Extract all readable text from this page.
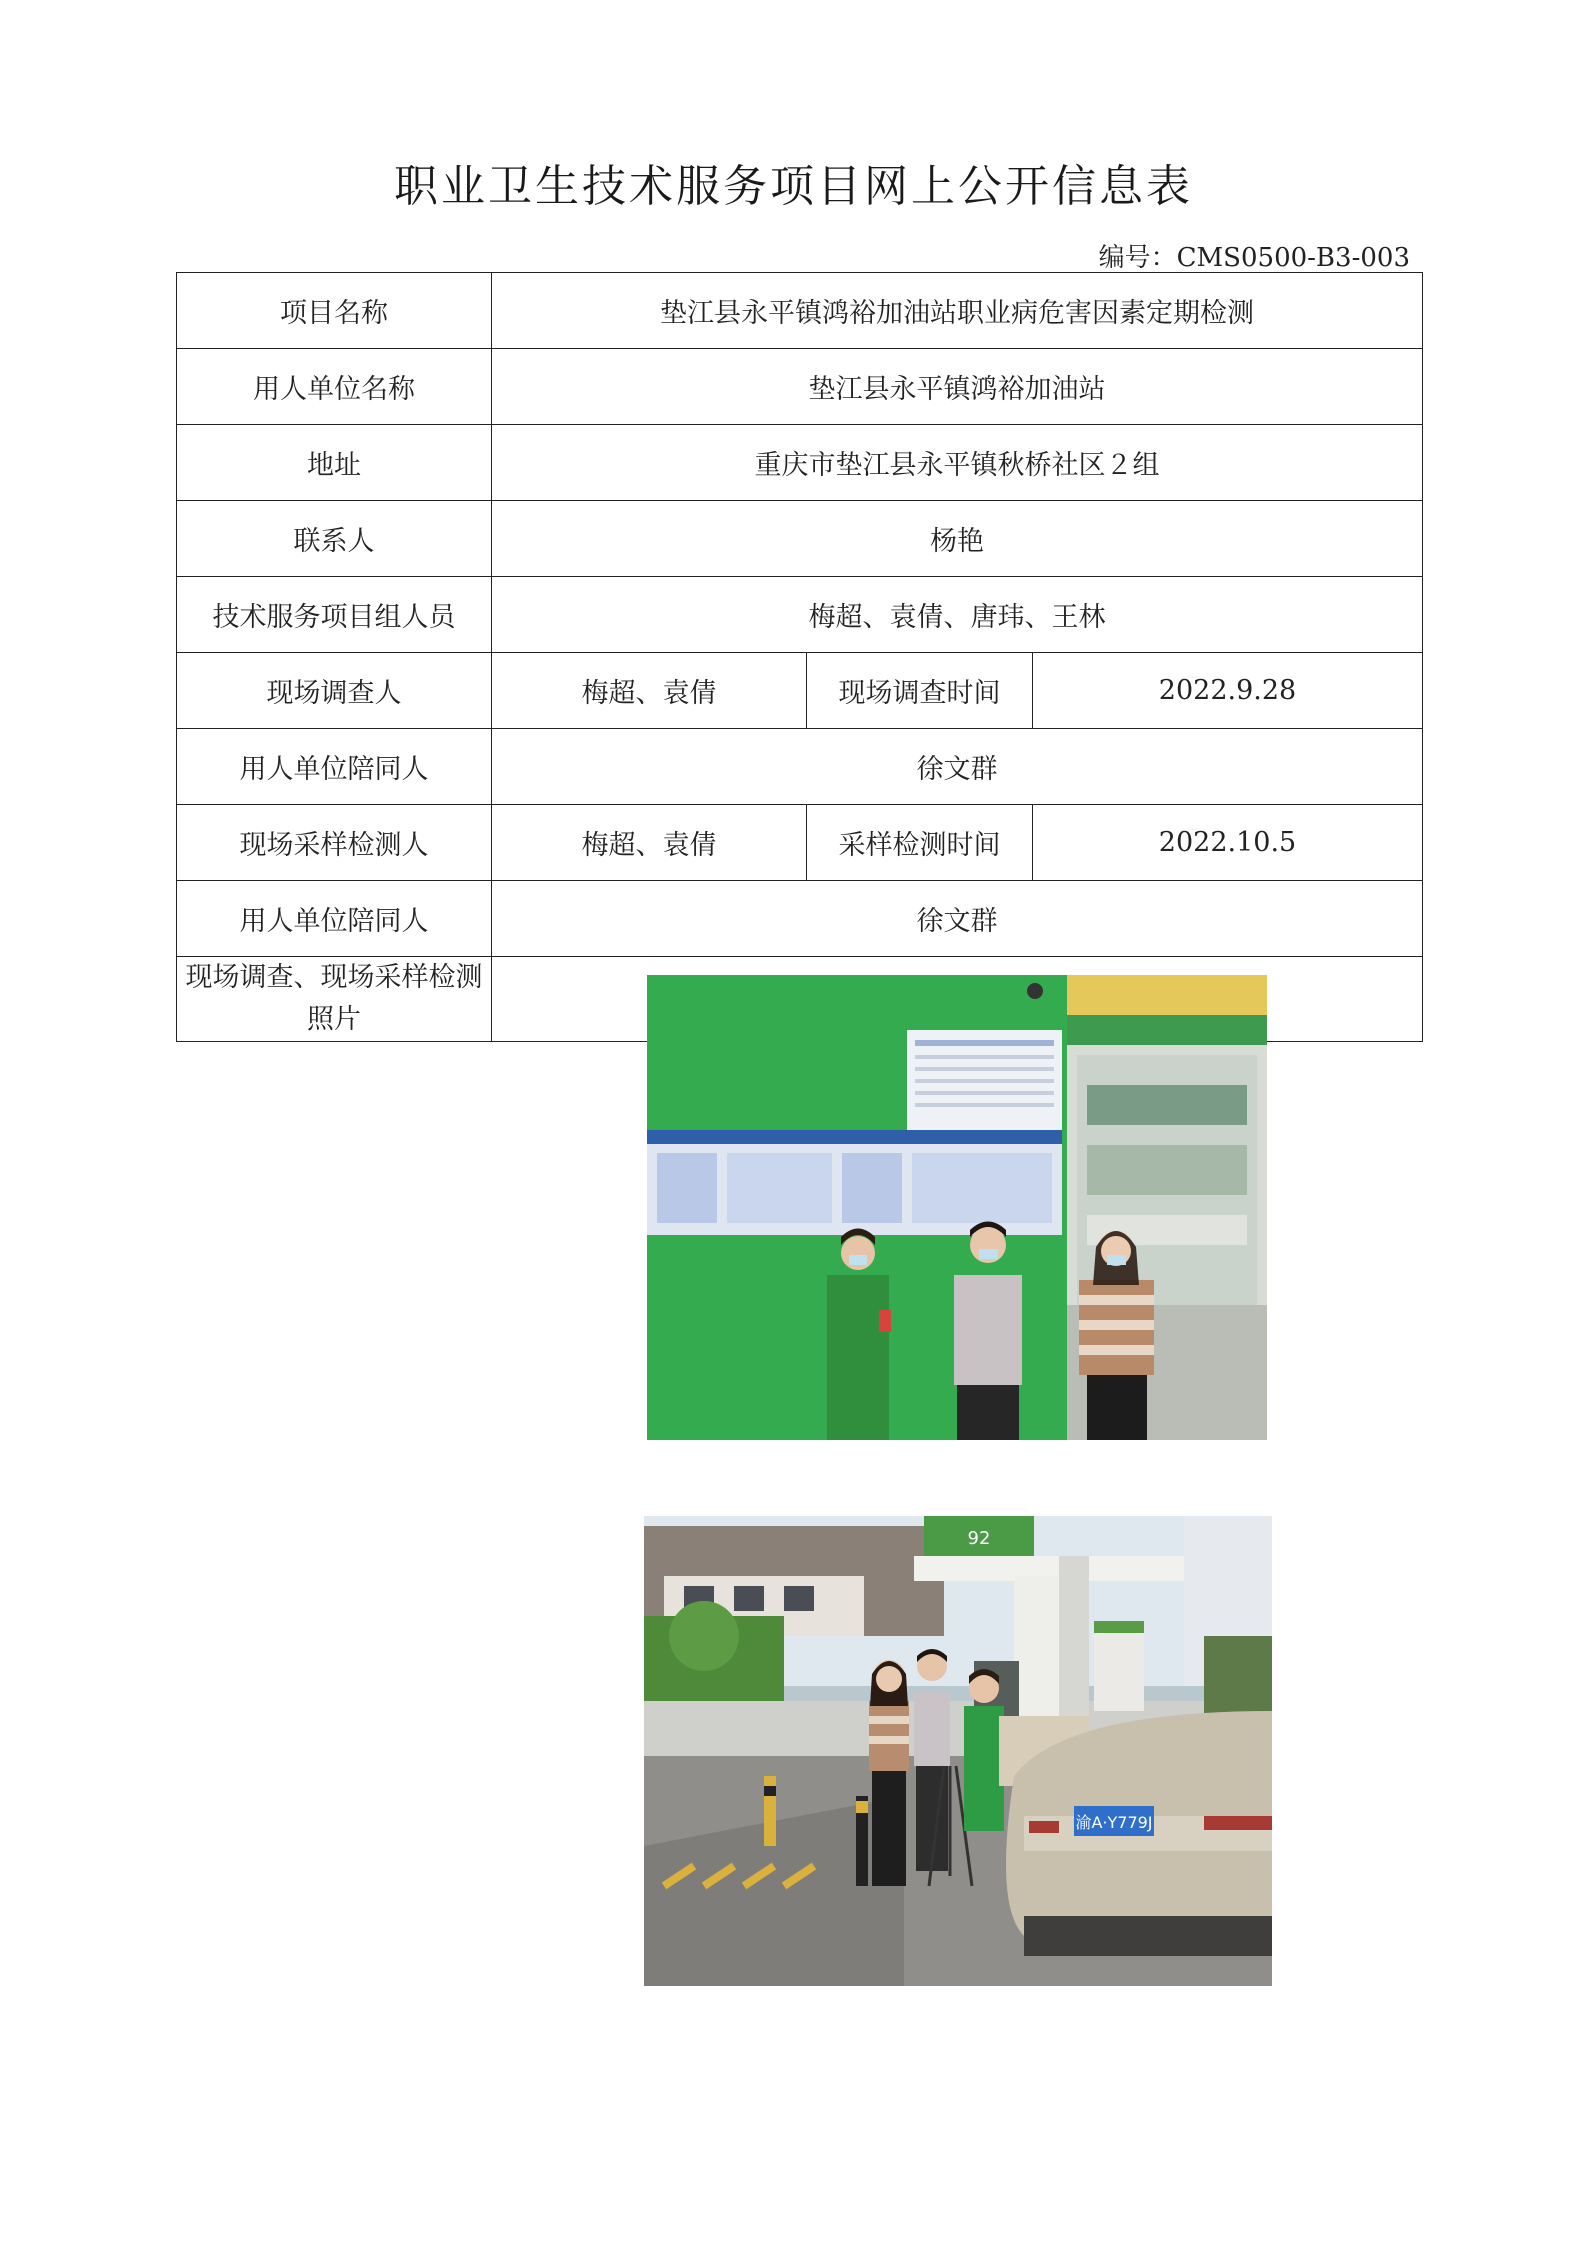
职业卫生技术服务项目网上公开信息表
编号：CMS0500-B3-003
项目名称	垫江县永平镇鸿裕加油站职业病危害因素定期检测		
用人单位名称	垫江县永平镇鸿裕加油站		
地址	重庆市垫江县永平镇秋桥社区２组		
联系人	杨艳		
技术服务项目组人员	梅超、袁倩、唐玮、王林		
现场调查人	梅超、袁倩	现场调查时间	2022.9.28
用人单位陪同人	徐文群		
现场采样检测人	梅超、袁倩	采样检测时间	2022.10.5
用人单位陪同人	徐文群		
现场调查、现场采样检测照片	92
渝A·Y779J		
